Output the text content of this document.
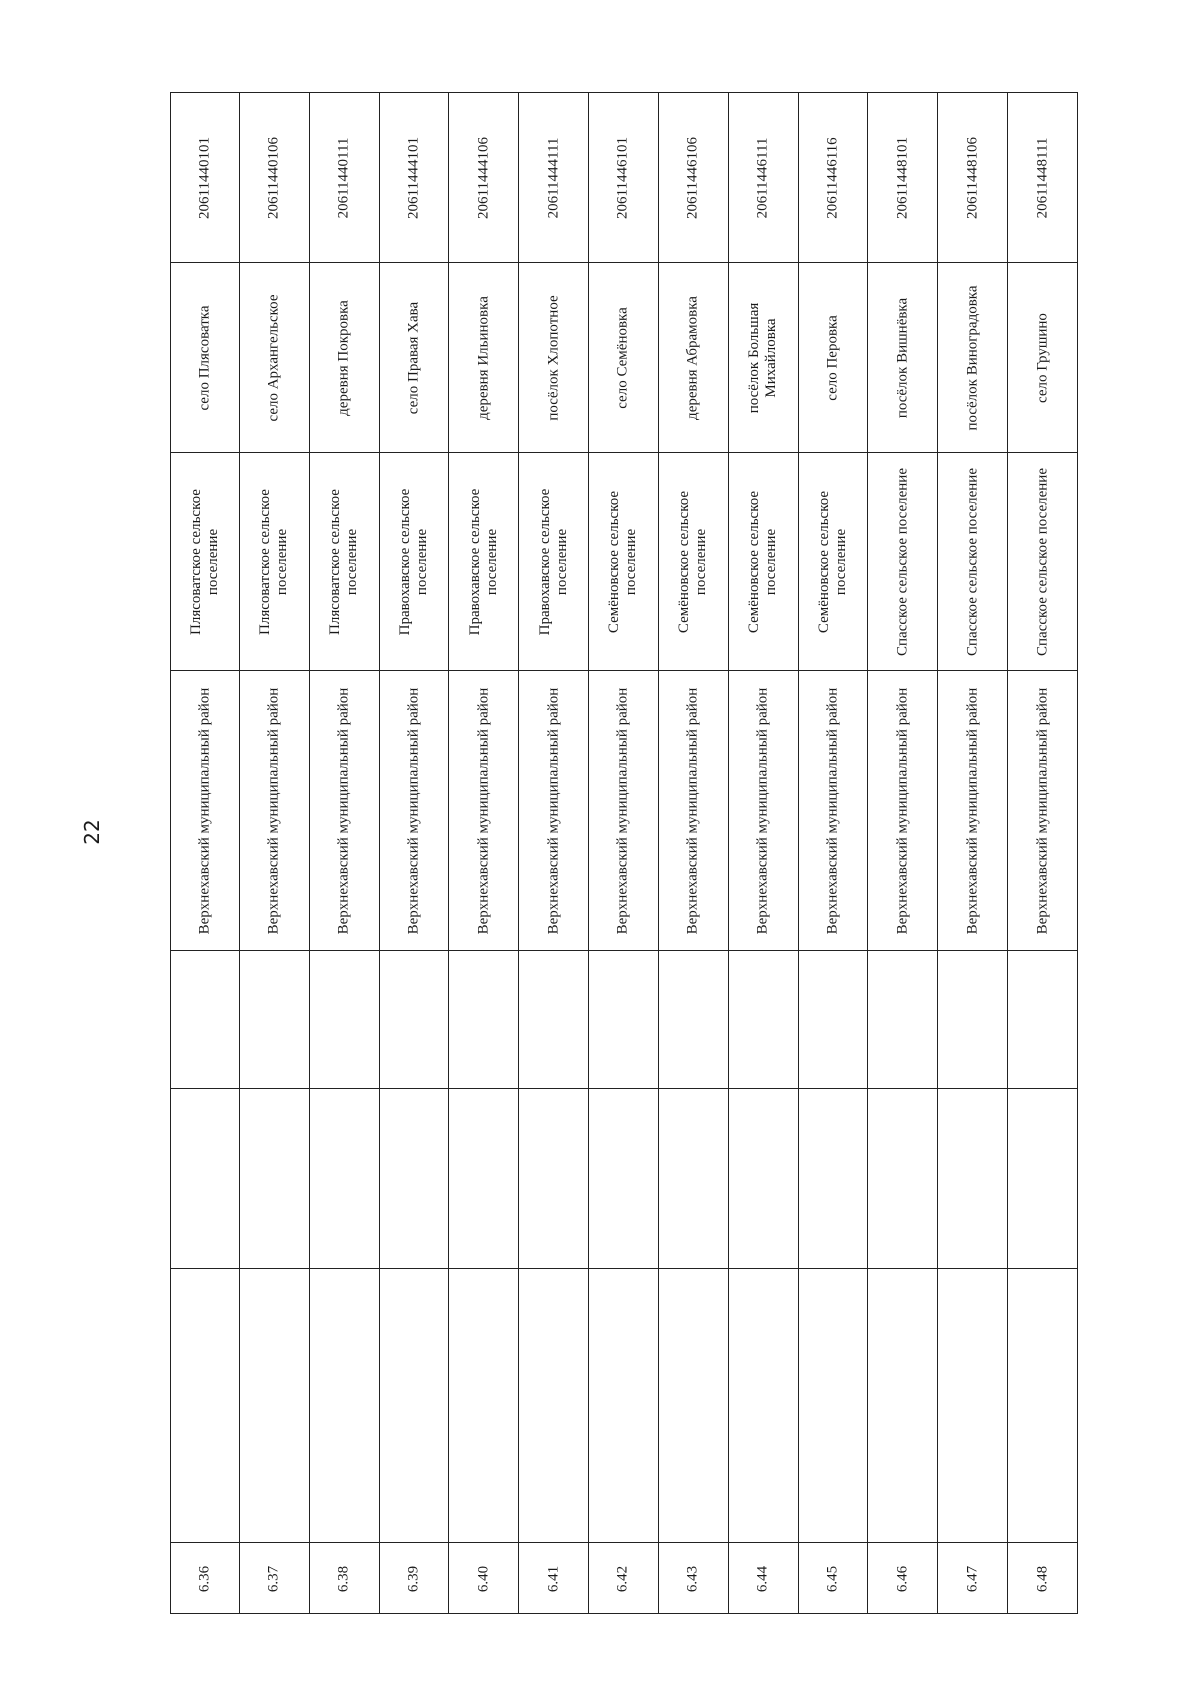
22
20611440101
село Плясоватка
Плясоватское сельское поселение
Верхнехавский муниципальный район
6.36
20611440106
село Архангельское
Плясоватское сельское поселение
Верхнехавский муниципальный район
6.37
20611440111
деревня Покровка
Плясоватское сельское поселение
Верхнехавский муниципальный район
6.38
20611444101
село Правая Хава
Правохавское сельское поселение
Верхнехавский муниципальный район
6.39
20611444106
деревня Ильиновка
Правохавское сельское поселение
Верхнехавский муниципальный район
6.40
20611444111
посёлок Хлопотное
Правохавское сельское поселение
Верхнехавский муниципальный район
6.41
20611446101
село Семёновка
Семёновское сельское поселение
Верхнехавский муниципальный район
6.42
20611446106
деревня Абрамовка
Семёновское сельское поселение
Верхнехавский муниципальный район
6.43
20611446111
посёлок Большая Михайловка
Семёновское сельское поселение
Верхнехавский муниципальный район
6.44
20611446116
село Перовка
Семёновское сельское поселение
Верхнехавский муниципальный район
6.45
20611448101
посёлок Вишнёвка
Спасское сельское поселение
Верхнехавский муниципальный район
6.46
20611448106
посёлок Виноградовка
Спасское сельское поселение
Верхнехавский муниципальный район
6.47
20611448111
село Грушино
Спасское сельское поселение
Верхнехавский муниципальный район
6.48
